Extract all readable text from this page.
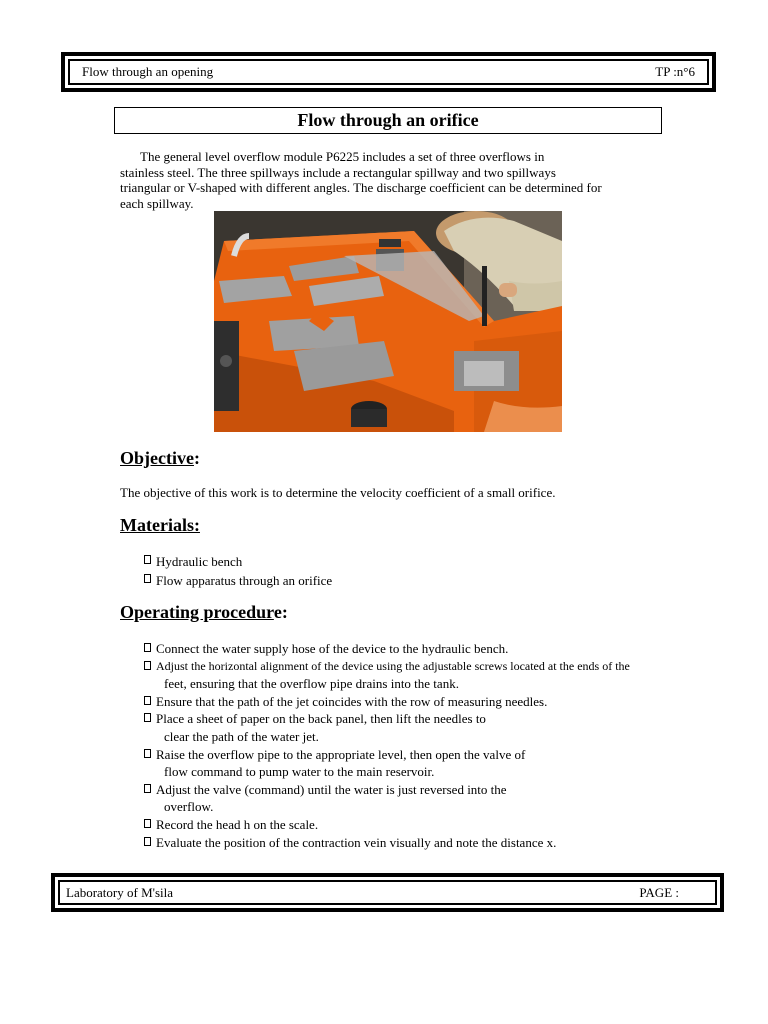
Flow through an opening	TP :n°6
Flow through an orifice

The general level overflow module P6225 includes a set of three overflows in
stainless steel. The three spillways include a rectangular spillway and two spillways
triangular or V-shaped with different angles. The discharge coefficient can be determined for
each spillway.

Objective:

The objective of this work is to determine the velocity coefficient of a small orifice.

Materials:
Hydraulic bench
Flow apparatus through an orifice
Operating procedure:
Connect the water supply hose of the device to the hydraulic bench.
Adjust the horizontal alignment of the device using the adjustable screws located at the ends of the
feet, ensuring that the overflow pipe drains into the tank.
Ensure that the path of the jet coincides with the row of measuring needles.
Place a sheet of paper on the back panel, then lift the needles to
clear the path of the water jet.
Raise the overflow pipe to the appropriate level, then open the valve of
flow command to pump water to the main reservoir.
Adjust the valve (command) until the water is just reversed into the
overflow.
Record the head h on the scale.
Evaluate the position of the contraction vein visually and note the distance x.
Laboratory of M'sila	PAGE :
